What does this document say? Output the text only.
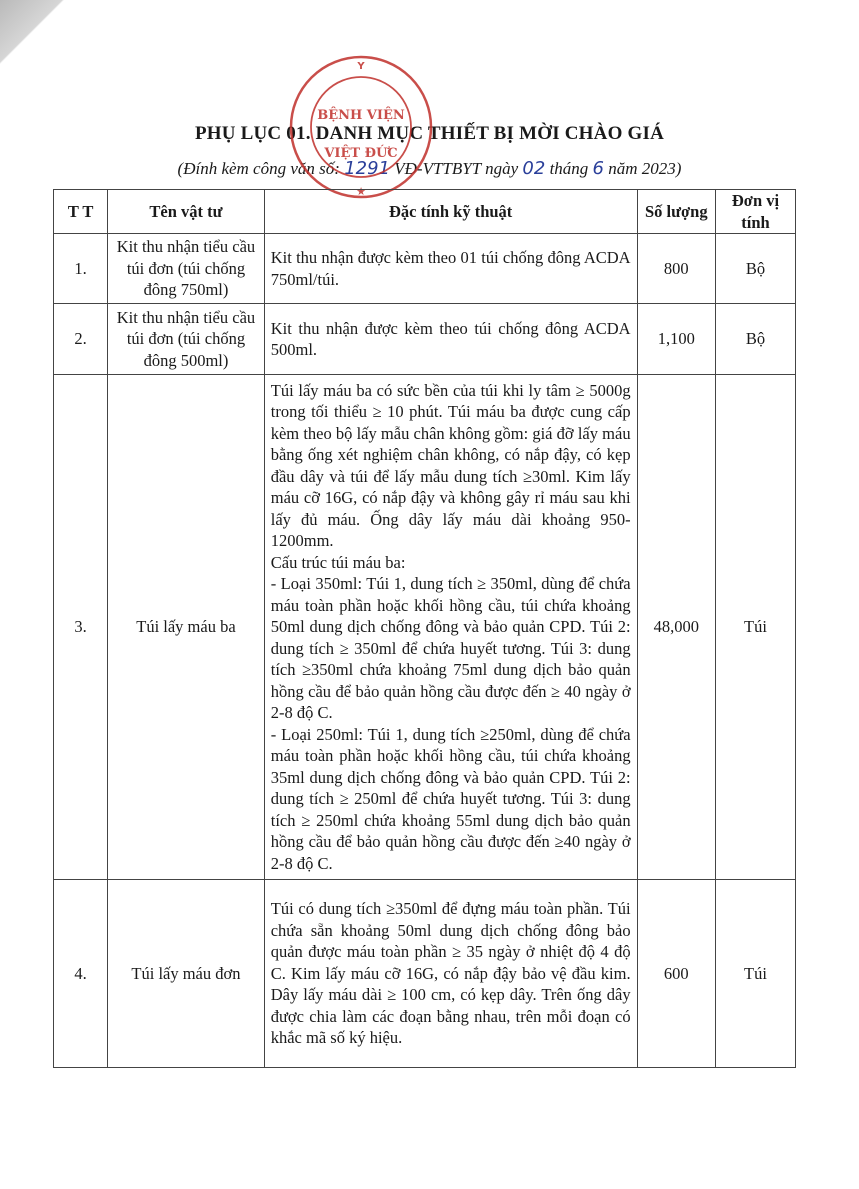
PHỤ LỤC 01. DANH MỤC THIẾT BỊ MỜI CHÀO GIÁ
(Đính kèm công văn số: 1291 VĐ-VTTBYT ngày 02 tháng 6 năm 2023)
Y
★
BỆNH VIỆN
VIỆT ĐỨC
T T	Tên vật tư	Đặc tính kỹ thuật	Số lượng	Đơn vị tính
1.	Kit thu nhận tiểu cầu túi đơn (túi chống đông 750ml)	Kit thu nhận được kèm theo 01 túi chống đông ACDA 750ml/túi.	800	Bộ
2.	Kit thu nhận tiểu cầu túi đơn (túi chống đông 500ml)	Kit thu nhận được kèm theo túi chống đông ACDA 500ml.	1,100	Bộ
3.	Túi lấy máu ba	Túi lấy máu ba có sức bền của túi khi ly tâm ≥ 5000g trong tối thiểu ≥ 10 phút. Túi máu ba được cung cấp kèm theo bộ lấy mẫu chân không gồm: giá đỡ lấy máu bằng ống xét nghiệm chân không, có nắp đậy, có kẹp đầu dây và túi để lấy mẫu dung tích ≥30ml. Kim lấy máu cỡ 16G, có nắp đậy và không gây rỉ máu sau khi lấy đủ máu. Ống dây lấy máu dài khoảng 950-1200mm.
Cấu trúc túi máu ba:
- Loại 350ml: Túi 1, dung tích ≥ 350ml, dùng để chứa máu toàn phần hoặc khối hồng cầu, túi chứa khoảng 50ml dung dịch chống đông và bảo quản CPD. Túi 2: dung tích ≥ 350ml để chứa huyết tương. Túi 3: dung tích ≥350ml chứa khoảng 75ml dung dịch bảo quản hồng cầu để bảo quản hồng cầu được đến ≥ 40 ngày ở 2-8 độ C.
- Loại 250ml: Túi 1, dung tích ≥250ml, dùng để chứa máu toàn phần hoặc khối hồng cầu, túi chứa khoảng 35ml dung dịch chống đông và bảo quản CPD. Túi 2: dung tích ≥ 250ml để chứa huyết tương. Túi 3: dung tích ≥ 250ml chứa khoảng 55ml dung dịch bảo quản hồng cầu để bảo quản hồng cầu được đến ≥40 ngày ở 2-8 độ C.	48,000	Túi
4.	Túi lấy máu đơn	Túi có dung tích ≥350ml để đựng máu toàn phần. Túi chứa sẵn khoảng 50ml dung dịch chống đông bảo quản được máu toàn phần ≥ 35 ngày ở nhiệt độ 4 độ C. Kim lấy máu cỡ 16G, có nắp đậy bảo vệ đầu kim. Dây lấy máu dài ≥ 100 cm, có kẹp dây. Trên ống dây được chia làm các đoạn bằng nhau, trên mỗi đoạn có khắc mã số ký hiệu.	600	Túi
